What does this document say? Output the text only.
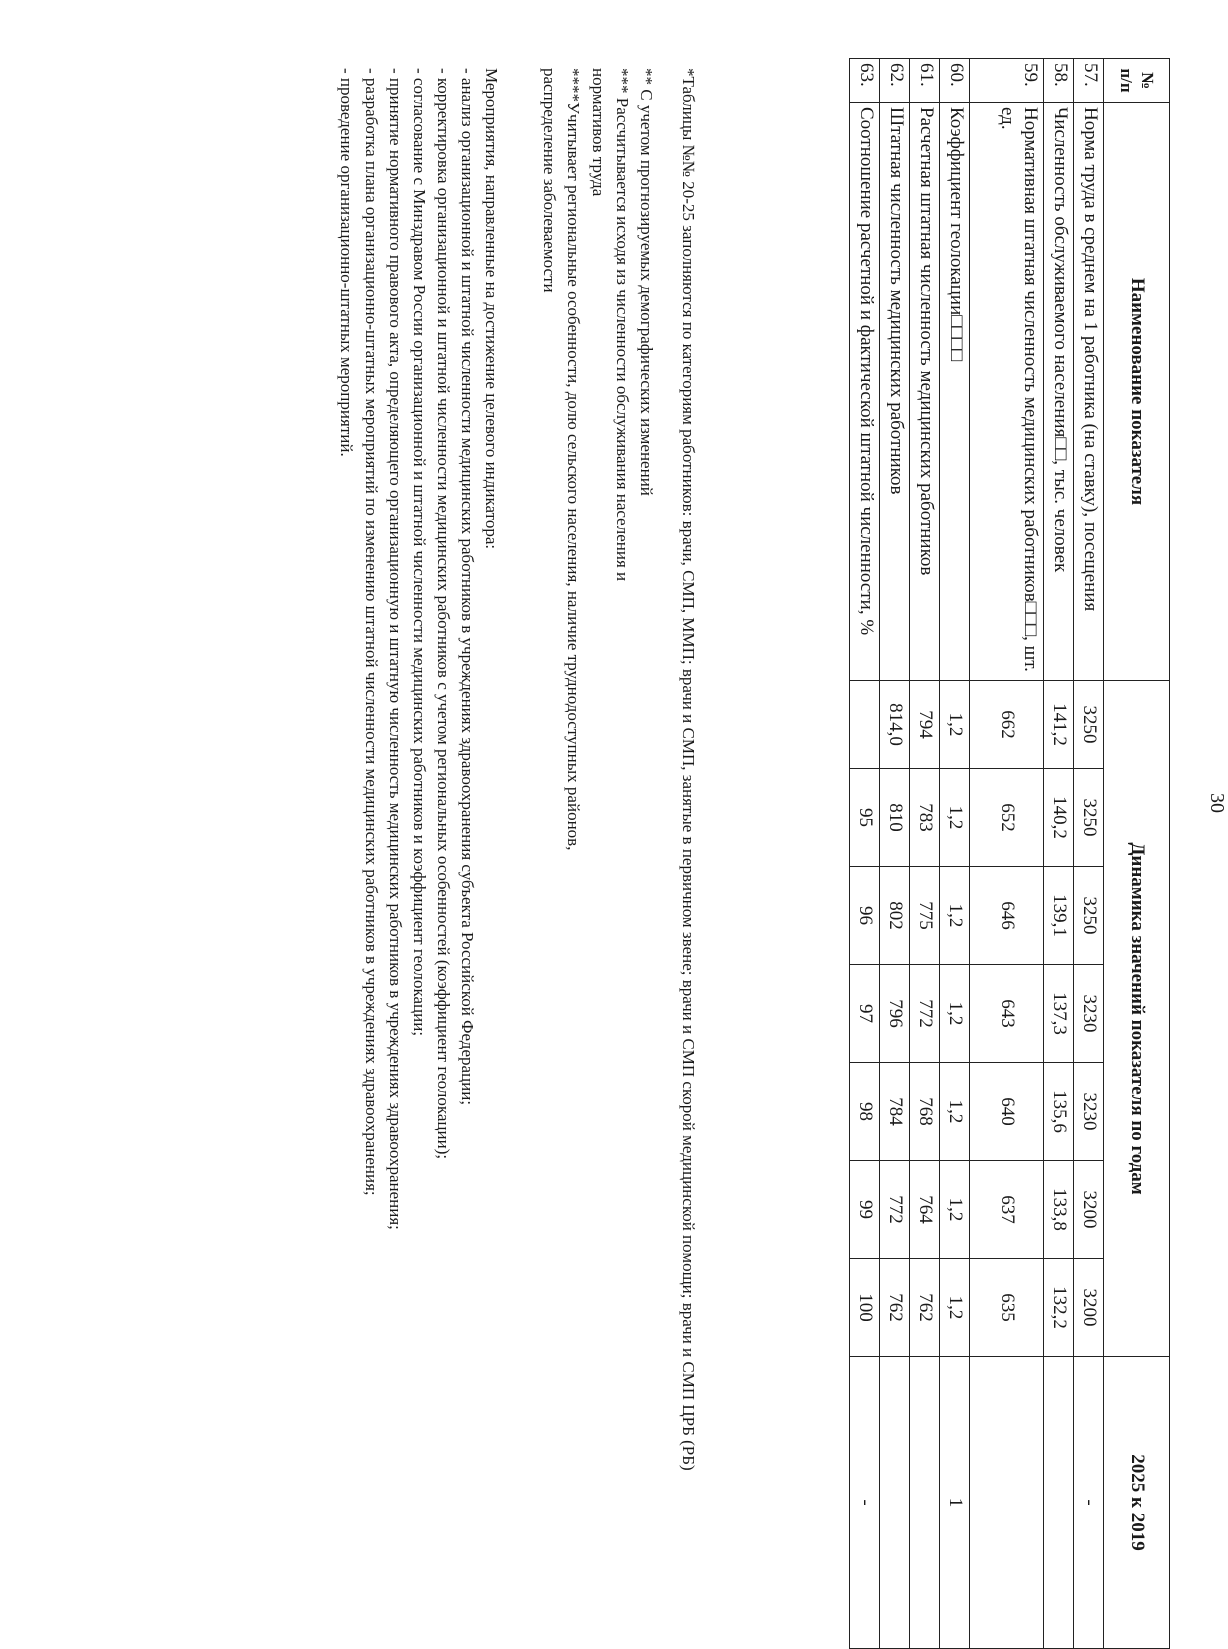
30
№ п/п	Наименование показателя	Динамика значений показателя по годам							2025 к 2019
57.	Норма труда в среднем на 1 работника (на ставку), посещения	3250	3250	3250	3230	3230	3200	3200	-
58.	Численность обслуживаемого населения□□, тыс. человек	141,2	140,2	139,1	137,3	135,6	133,8	132,2	
59.	Нормативная штатная численность медицинских работников□□□, шт. ед.	662	652	646	643	640	637	635	
60.	Коэффициент геолокации□□□□	1,2	1,2	1,2	1,2	1,2	1,2	1,2	1
61.	Расчетная штатная численность медицинских работников	794	783	775	772	768	764	762	
62.	Штатная численность медицинских работников	814,0	810	802	796	784	772	762	
63.	Соотношение расчетной и фактической штатной численности, %		95	96	97	98	99	100	-

*Таблицы №№ 20-25 заполняются по категориям работников: врачи, СМП, ММП; врачи и СМП, занятые в первичном звене; врачи и СМП скорой медицинской помощи; врачи и СМП ЦРБ (РБ)

** С учетом прогнозируемых демографических изменений

*** Рассчитывается исходя из численности обслуживания населения и

нормативов труда

****Учитывает региональные особенности, долю сельского населения, наличие труднодоступных районов,

распределение заболеваемости

Мероприятия, направленные на достижение целевого индикатора:

- анализ организационной и штатной численности медицинских работников в учреждениях здравоохранения субъекта Российской Федерации;

- корректировка организационной и штатной численности медицинских работников с учетом региональных особенностей (коэффициент геолокации);

- согласование с Минздравом России организационной и штатной численности медицинских работников и коэффициент геолокации;

- принятие нормативного правового акта, определяющего организационную и штатную численность медицинских работников в учреждениях здравоохранения;

- разработка плана организационно-штатных мероприятий по изменению штатной численности медицинских работников в учреждениях здравоохранения;

- проведение организационно-штатных мероприятий.
